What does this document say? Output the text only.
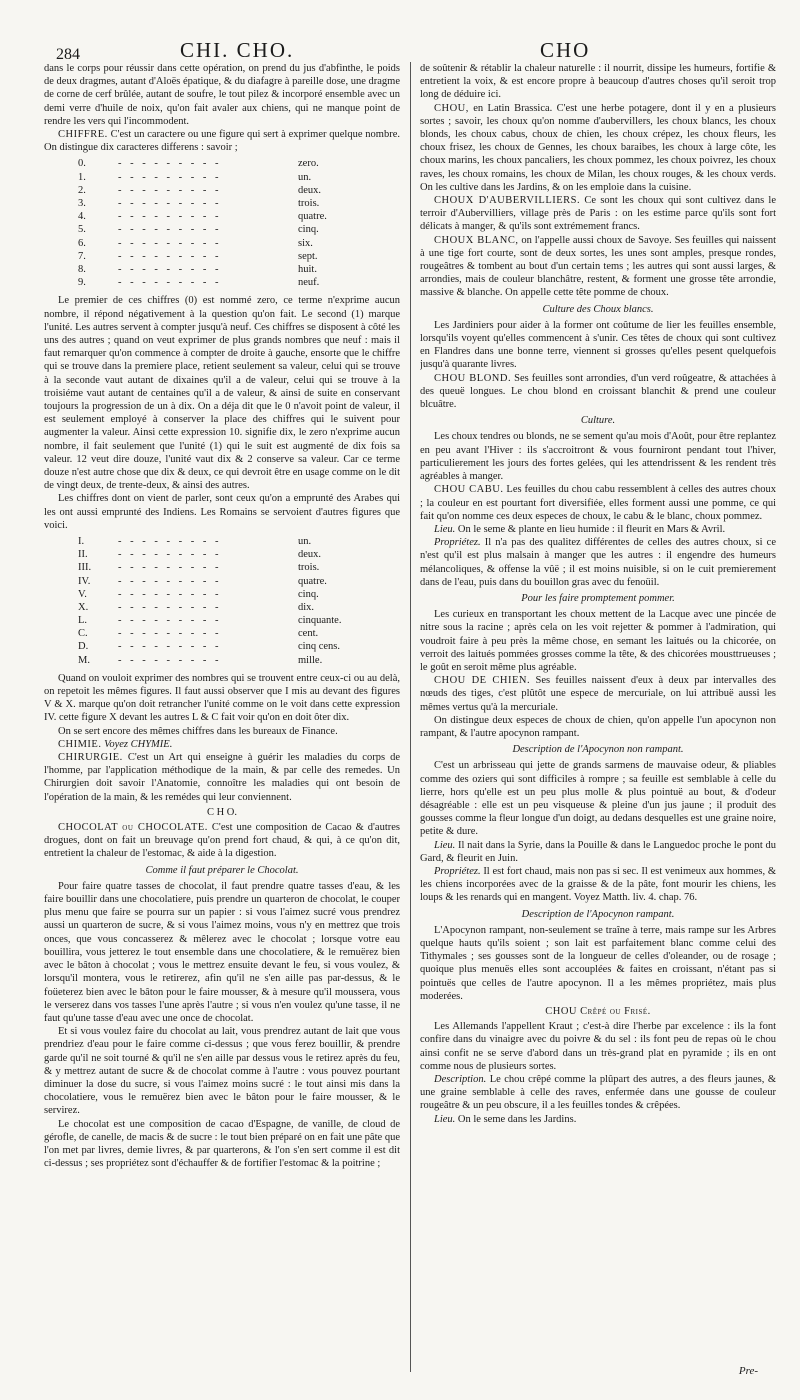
284	CHI. CHO.	CHO

dans le corps pour réussir dans cette opération, on prend du jus d'abfinthe, le poids de deux dragmes, autant d'Aloës épatique, & du diafagre à pareille dose, une dragme de corne de cerf brûlée, autant de soufre, le tout pilez & incorporé ensemble avec un demi verre d'huile de noix, qu'on fait avaler aux chiens, qui ne manque point de rendre les vers qui l'incommodent.

CHIFFRE. C'est un caractere ou une figure qui sert à exprimer quelque nombre. On distingue dix caracteres differens : savoir ;

0.	- - - - - - - - -	zero.
1.	- - - - - - - - -	un.
2.	- - - - - - - - -	deux.
3.	- - - - - - - - -	trois.
4.	- - - - - - - - -	quatre.
5.	- - - - - - - - -	cinq.
6.	- - - - - - - - -	six.
7.	- - - - - - - - -	sept.
8.	- - - - - - - - -	huit.
9.	- - - - - - - - -	neuf.

Le premier de ces chiffres (0) est nommé zero, ce terme n'exprime aucun nombre, il répond négativement à la question qu'on fait. Le second (1) marque l'unité. Les autres servent à compter jusqu'à neuf. Ces chiffres se disposent à côté les uns des autres ; quand on veut exprimer de plus grands nombres que neuf : mais il faut remarquer qu'on commence à compter de droite à gauche, ensorte que le chiffre qui se trouve dans la premiere place, retient seulement sa valeur, celui qui se trouve à la seconde vaut autant de dixaines qu'il a de valeur, celui qui se trouve à la troisiéme vaut autant de centaines qu'il a de valeur, & ainsi de suite en conservant toujours la progression de un à dix. On a déja dit que le 0 n'avoit point de valeur, il est seulement employé à conserver la place des chiffres qui le suivent pour augmenter la valeur. Ainsi cette expression 10. signifie dix, le zero n'exprime aucun nombre, il fait seulement que l'unité (1) qui le suit est augmenté de dix fois sa valeur. 12 veut dire douze, l'unité vaut dix & 2 conserve sa valeur. Car ce terme douze n'est autre chose que dix & deux, ce qui devroit être en usage comme on le dit de vingt deux, de trente-deux, & ainsi des autres.

Les chiffres dont on vient de parler, sont ceux qu'on a emprunté des Arabes qui les ont aussi emprunté des Indiens. Les Romains se servoient d'autres figures que voici.

I.	- - - - - - - - -	un.
II.	- - - - - - - - -	deux.
III.	- - - - - - - - -	trois.
IV.	- - - - - - - - -	quatre.
V.	- - - - - - - - -	cinq.
X.	- - - - - - - - -	dix.
L.	- - - - - - - - -	cinquante.
C.	- - - - - - - - -	cent.
D.	- - - - - - - - -	cinq cens.
M.	- - - - - - - - -	mille.

Quand on vouloit exprimer des nombres qui se trouvent entre ceux-ci ou au delà, on repetoit les mêmes figures. Il faut aussi observer que I mis au devant des figures V & X. marque qu'on doit retrancher l'unité comme on le voit dans cette expression IV. cette figure X devant les autres L & C fait voir qu'on en doit ôter dix.

On se sert encore des mêmes chiffres dans les bureaux de Finance.

CHIMIE. Voyez CHYMIE.

CHIRURGIE. C'est un Art qui enseigne à guérir les maladies du corps de l'homme, par l'application méthodique de la main, & par celle des remedes. Un Chirurgien doit savoir l'Anatomie, connoître les maladies qui ont besoin de l'opération de la main, & les remédes qui leur conviennent.

C H O.

CHOCOLAT ou CHOCOLATE. C'est une composition de Cacao & d'autres drogues, dont on fait un breuvage qu'on prend fort chaud, & qui, à ce qu'on dit, entretient la chaleur de l'estomac, & aide à la digestion.

Comme il faut préparer le Chocolat.

Pour faire quatre tasses de chocolat, il faut prendre quatre tasses d'eau, & les faire bouillir dans une chocolatiere, puis prendre un quarteron de chocolat, le couper plus menu que faire se pourra sur un papier : si vous l'aimez sucré vous prendrez aussi un quarteron de sucre, & si vous l'aimez moins, vous n'y en mettrez que trois onces, que vous concasserez & mêlerez avec le chocolat ; lorsque votre eau bouillira, vous jetterez le tout ensemble dans une chocolatiere, & le remuërez bien avec le bâton à chocolat ; vous le mettrez ensuite devant le feu, si vous voulez, & lorsqu'il montera, vous le retirerez, afin qu'il ne s'en aille pas par-dessus, & le foüeterez bien avec le bâton pour le faire mousser, & à mesure qu'il moussera, vous le verserez dans vos tasses l'une après l'autre ; si vous n'en voulez qu'une tasse, il ne faut qu'une tasse d'eau avec une once de chocolat.

Et si vous voulez faire du chocolat au lait, vous prendrez autant de lait que vous prendriez d'eau pour le faire comme ci-dessus ; que vous ferez bouillir, & prendre garde qu'il ne soit tourné & qu'il ne s'en aille par dessus vous le retirez après du feu, & y mettrez autant de sucre & de chocolat comme à l'autre : vous pouvez pourtant diminuer la dose du sucre, si vous l'aimez moins sucré : le tout ainsi mis dans la chocolatiere, vous le remuërez bien avec le bâton pour le faire mousser, & le servirez.

Le chocolat est une composition de cacao d'Espagne, de vanille, de cloud de gérofle, de canelle, de macis & de sucre : le tout bien préparé on en fait une pâte que l'on met par livres, demie livres, & par quarterons, & l'on s'en sert comme il est dit ci-dessus ; ses propriétez sont d'échauffer & de fortifier l'estomac & la poitrine ;

de soûtenir & rétablir la chaleur naturelle : il nourrit, dissipe les humeurs, fortifie & entretient la voix, & est encore propre à beaucoup d'autres choses qu'il seroit trop long de déduire ici.

CHOU, en Latin Brassica. C'est une herbe potagere, dont il y en a plusieurs sortes ; savoir, les choux qu'on nomme d'aubervillers, les choux blancs, les choux blonds, les choux cabus, choux de chien, les choux crépez, les choux fleurs, les choux frisez, les choux de Gennes, les choux baraibes, les choux à large côte, les choux marins, les choux pancaliers, les choux pommez, les choux poivrez, les choux raves, les choux romains, les choux de Milan, les choux rouges, & les choux verds. On les cultive dans les Jardins, & on les emploie dans la cuisine.

CHOUX D'AUBERVILLIERS. Ce sont les choux qui sont cultivez dans le terroir d'Aubervilliers, village près de Paris : on les estime parce qu'ils sont fort délicats à manger, & qu'ils sont extrémement francs.

CHOUX BLANC, on l'appelle aussi choux de Savoye. Ses feuilles qui naissent à une tige fort courte, sont de deux sortes, les unes sont amples, presque rondes, rougeâtres & tombent au bout d'un certain tems ; les autres qui sont aussi larges, & arrondies, mais de couleur blanchâtre, restent, & forment une grosse tête arrondie, massive & blanche. On appelle cette tête pomme de choux.

Culture des Choux blancs.

Les Jardiniers pour aider à la former ont coûtume de lier les feuilles ensemble, lorsqu'ils voyent qu'elles commencent à s'unir. Ces têtes de choux qui sont cultivez en Flandres dans une bonne terre, viennent si grosses qu'elles pesent quelquefois jusqu'à quarante livres.

CHOU BLOND. Ses feuilles sont arrondies, d'un verd roûgeatre, & attachées à des queuë longues. Le chou blond en croissant blanchit & prend une couleur blcuâtre.

Culture.

Les choux tendres ou blonds, ne se sement qu'au mois d'Août, pour être replantez en peu avant l'Hiver : ils s'accroitront & vous fourniront pendant tout l'hiver, particulierement les jours des fortes gelées, qui les attendrissent & les rendent très agréables à manger.

CHOU CABU. Les feuilles du chou cabu ressemblent à celles des autres choux ; la couleur en est pourtant fort diversifiée, elles forment aussi une pomme, ce qui fait qu'on nomme ces deux especes de choux, le cabu & le blanc, choux pommez.

Lieu. On le seme & plante en lieu humide : il fleurit en Mars & Avril.

Propriétez. Il n'a pas des qualitez différentes de celles des autres choux, si ce n'est qu'il est plus malsain à manger que les autres : il engendre des humeurs mélancoliques, & offense la vûë ; il est moins nuisible, si on le cuit premierement dans de l'eau, puis dans du bouillon gras avec du fenoüil.

Pour les faire promptement pommer.

Les curieux en transportant les choux mettent de la Lacque avec une pincée de nitre sous la racine ; après cela on les voit rejetter & pommer à l'admiration, qui voudroit faire à peu près la même chose, en semant les laitués ou la chicorée, on verroit des laitués pommées grosses comme la tête, & des chicorées mousttrueuses ; le goût en seroit même plus agréable.

CHOU DE CHIEN. Ses feuilles naissent d'eux à deux par intervalles des nœuds des tiges, c'est plûtôt une espece de mercuriale, on lui attribuë aussi les mêmes vertus qu'à la mercuriale.

On distingue deux especes de choux de chien, qu'on appelle l'un apocynon non rampant, & l'autre apocynon rampant.

Description de l'Apocynon non rampant.

C'est un arbrisseau qui jette de grands sarmens de mauvaise odeur, & pliables comme des oziers qui sont difficiles à rompre ; sa feuille est semblable à celle du lierre, hors qu'elle est un peu plus molle & plus pointuë au bout, & d'odeur désagréable : elle est un peu visqueuse & pleine d'un jus jaune ; il produit des gousses comme la fleur longue d'un doigt, au dedans desquelles est une graine noire, petite & dure.

Lieu. Il nait dans la Syrie, dans la Pouille & dans le Languedoc proche le pont du Gard, & fleurit en Juin.

Propriétez. Il est fort chaud, mais non pas si sec. Il est venimeux aux hommes, & les chiens incorporées avec de la graisse & de la pâte, font mourir les chiens, les loups & les renards qui en mangent. Voyez Matth. liv. 4. chap. 76.

Description de l'Apocynon rampant.

L'Apocynon rampant, non-seulement se traîne à terre, mais rampe sur les Arbres quelque hauts qu'ils soient ; son lait est parfaitement blanc comme celui des Tithymales ; ses gousses sont de la longueur de celles d'oleander, ou de rosage ; quoique plus menuës elles sont accouplées & faites en croissant, n'étant pas si pointuës que celles de l'autre apocynon. Il a les mêmes propriétez, mais plus moderées.

CHOU Crêpé ou Frisé.

Les Allemands l'appellent Kraut ; c'est-à dire l'herbe par excelence : ils la font confire dans du vinaigre avec du poivre & du sel : ils font peu de repas où le chou ainsi confit ne se serve d'abord dans un très-grand plat en pyramide ; ils en ont comme nous de plusieurs sortes.

Description. Le chou crêpé comme la plûpart des autres, a des fleurs jaunes, & une graine semblable à celle des raves, enfermée dans une gousse de couleur rougeâtre & un peu obscure, il a les feuilles tondes & crêpées.

Lieu. On le seme dans les Jardins.

Pre-
